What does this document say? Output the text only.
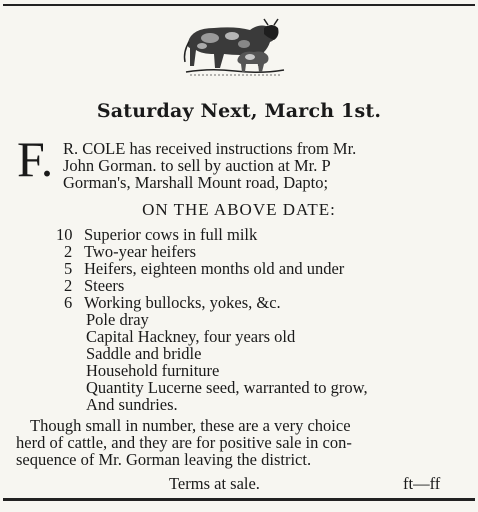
Saturday Next, March 1st.
F. R. COLE has received instructions from Mr.
John Gorman. to sell by auction at Mr. P
Gorman's, Marshall Mount road, Dapto;
ON THE ABOVE DATE:
10 Superior cows in full milk
2 Two-year heifers
5 Heifers, eighteen months old and under
2 Steers
6 Working bullocks, yokes, &c.
Pole dray
Capital Hackney, four years old
Saddle and bridle
Household furniture
Quantity Lucerne seed, warranted to grow,
And sundries.
Though small in number, these are a very choice
herd of cattle, and they are for positive sale in con-
sequence of Mr. Gorman leaving the district.
Terms at sale.	ft—ff
